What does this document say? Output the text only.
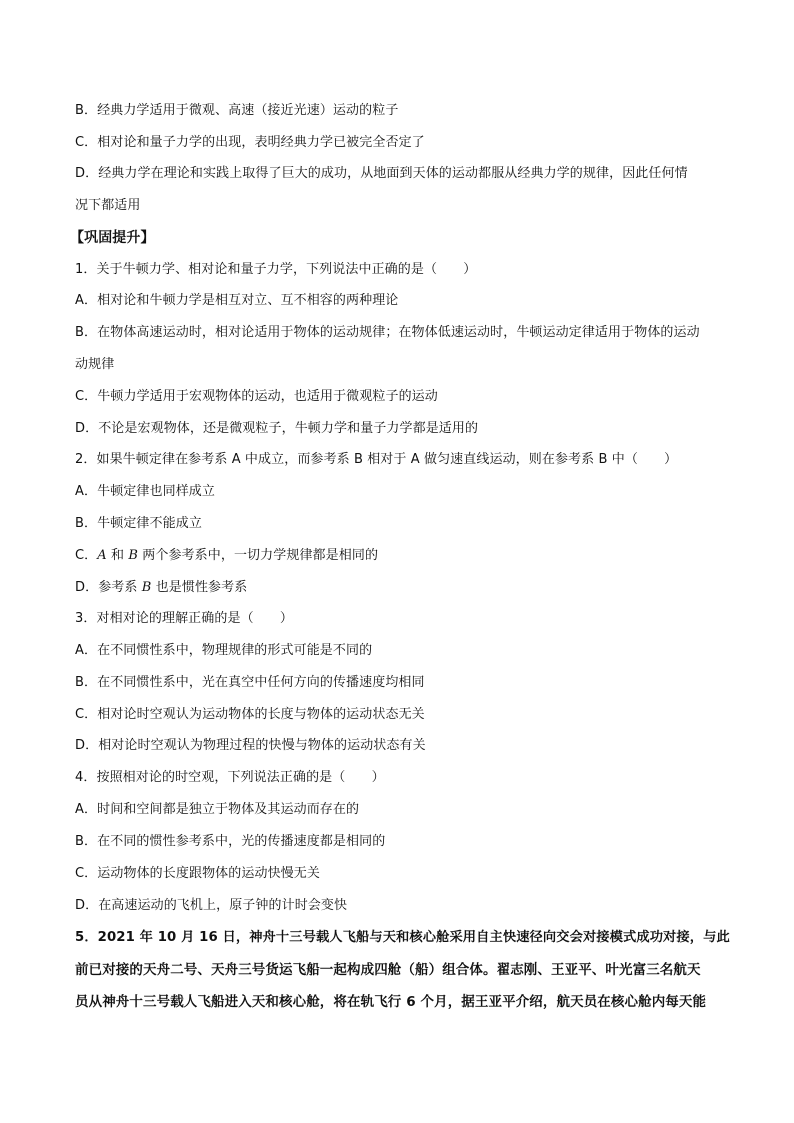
B．经典力学适用于微观、高速（接近光速）运动的粒子
C．相对论和量子力学的出现，表明经典力学已被完全否定了
D．经典力学在理论和实践上取得了巨大的成功，从地面到天体的运动都服从经典力学的规律，因此任何情
况下都适用
【巩固提升】
1．关于牛顿力学、相对论和量子力学，下列说法中正确的是（　　）
A．相对论和牛顿力学是相互对立、互不相容的两种理论
B．在物体高速运动时，相对论适用于物体的运动规律；在物体低速运动时，牛顿运动定律适用于物体的运动
动规律
C．牛顿力学适用于宏观物体的运动，也适用于微观粒子的运动
D．不论是宏观物体，还是微观粒子，牛顿力学和量子力学都是适用的
2．如果牛顿定律在参考系 A 中成立，而参考系 B 相对于 A 做匀速直线运动，则在参考系 B 中（　　）
A．牛顿定律也同样成立
B．牛顿定律不能成立
C．A 和 B 两个参考系中，一切力学规律都是相同的
D．参考系 B 也是惯性参考系
3．对相对论的理解正确的是（　　）
A．在不同惯性系中，物理规律的形式可能是不同的
B．在不同惯性系中，光在真空中任何方向的传播速度均相同
C．相对论时空观认为运动物体的长度与物体的运动状态无关
D．相对论时空观认为物理过程的快慢与物体的运动状态有关
4．按照相对论的时空观，下列说法正确的是（　　）
A．时间和空间都是独立于物体及其运动而存在的
B．在不同的惯性参考系中，光的传播速度都是相同的
C．运动物体的长度跟物体的运动快慢无关
D．在高速运动的飞机上，原子钟的计时会变快
5．2021 年 10 月 16 日，神舟十三号载人飞船与天和核心舱采用自主快速径向交会对接模式成功对接，与此
前已对接的天舟二号、天舟三号货运飞船一起构成四舱（船）组合体。翟志刚、王亚平、叶光富三名航天
员从神舟十三号载人飞船进入天和核心舱，将在轨飞行 6 个月，据王亚平介绍，航天员在核心舱内每天能
